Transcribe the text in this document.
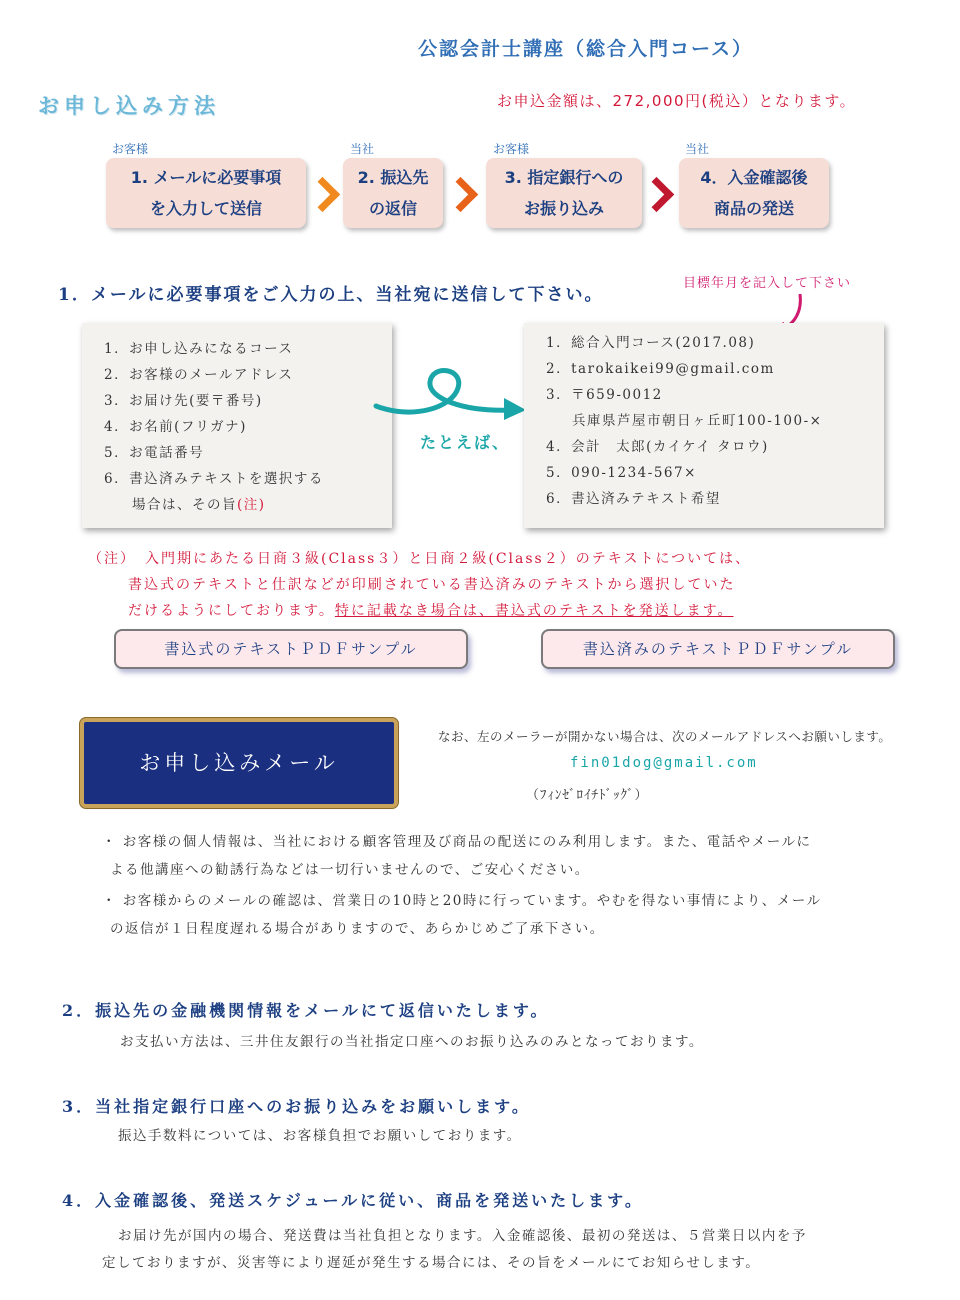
公認会計士講座（総合入門コース）
お申し込み方法	お申込金額は、272,000円(税込）となります。
お客様
1. メールに必要事項
を入力して送信
当社
2. 振込先
の返信
お客様
3. 指定銀行への
お振り込み
当社
4．入金確認後
商品の発送
1．メールに必要事項をご入力の上、当社宛に送信して下さい。
目標年月を記入して下さい
1．お申し込みになるコース
2．お客様のメールアドレス
3．お届け先(要〒番号)
4．お名前(フリガナ)
5．お電話番号
6．書込済みテキストを選択する
場合は、その旨(注)
たとえば、
1．総合入門コース(2017.08)
2．tarokaikei99@gmail.com
3．〒659-0012
兵庫県芦屋市朝日ヶ丘町100-100-×
4．会計　太郎(カイケイ タロウ)
5．090-1234-567×
6．書込済みテキスト希望
（注）　入門期にあたる日商３級(Class３）と日商２級(Class２）のテキストについては、
書込式のテキストと仕訳などが印刷されている書込済みのテキストから選択していた
だけるようにしております。特に記載なき場合は、書込式のテキストを発送します。
書込式のテキストＰＤＦサンプル	書込済みのテキストＰＤＦサンプル
お申し込みメール
なお、左のメーラーが開かない場合は、次のメールアドレスへお願いします。
fin01dog@gmail.com
（ﾌｨﾝｾﾞﾛｲﾁﾄﾞｯｸﾞ）
・ お客様の個人情報は、当社における顧客管理及び商品の配送にのみ利用します。また、電話やメールに
よる他講座への勧誘行為などは一切行いませんので、ご安心ください。
・ お客様からのメールの確認は、営業日の10時と20時に行っています。やむを得ない事情により、メール
の返信が１日程度遅れる場合がありますので、あらかじめご了承下さい。
2．振込先の金融機関情報をメールにて返信いたします。
お支払い方法は、三井住友銀行の当社指定口座へのお振り込みのみとなっております。
3．当社指定銀行口座へのお振り込みをお願いします。
振込手数料については、お客様負担でお願いしております。
4．入金確認後、発送スケジュールに従い、商品を発送いたします。
お届け先が国内の場合、発送費は当社負担となります。入金確認後、最初の発送は、５営業日以内を予
定しておりますが、災害等により遅延が発生する場合には、その旨をメールにてお知らせします。
